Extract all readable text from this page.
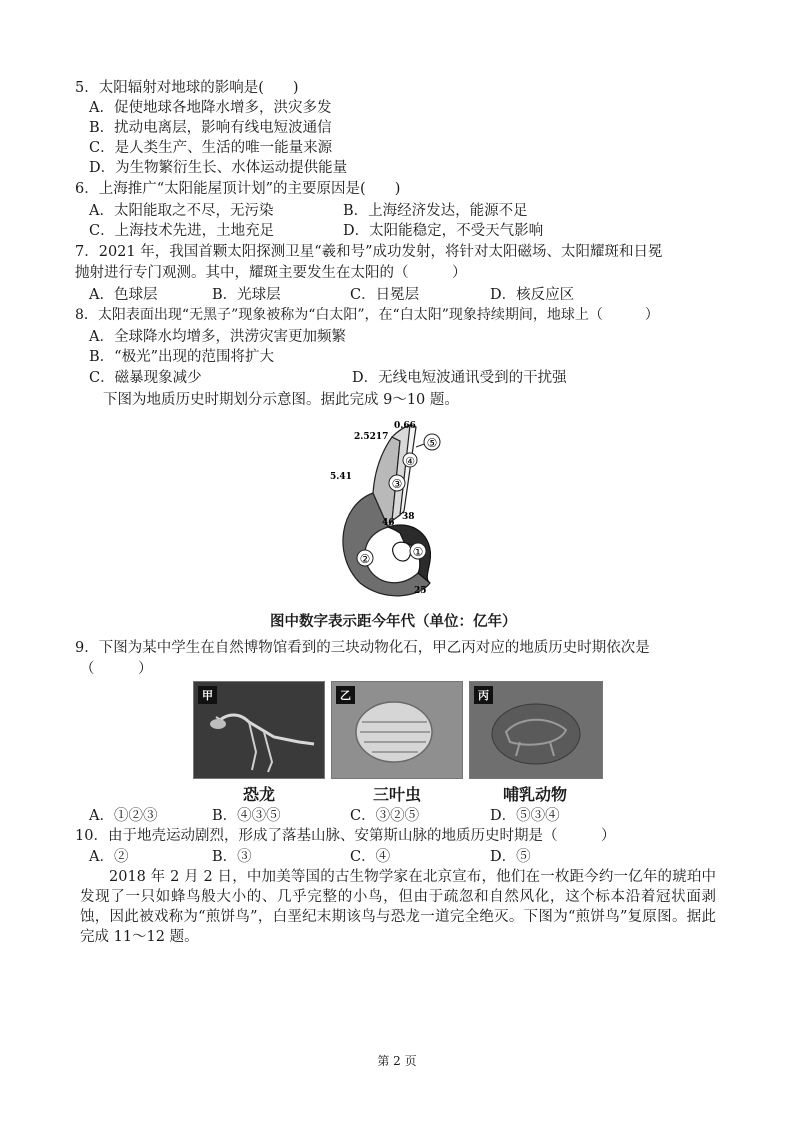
5．太阳辐射对地球的影响是(　　)
A．促使地球各地降水增多，洪灾多发
B．扰动电离层，影响有线电短波通信
C．是人类生产、生活的唯一能量来源
D．为生物繁衍生长、水体运动提供能量
6．上海推广“太阳能屋顶计划”的主要原因是(　　)
A．太阳能取之不尽，无污染	B．上海经济发达，能源不足
C．上海技术先进，土地充足	D．太阳能稳定，不受天气影响
7．2021 年，我国首颗太阳探测卫星“羲和号”成功发射，将针对太阳磁场、太阳耀斑和日冕
抛射进行专门观测。其中，耀斑主要发生在太阳的（　　　）
A．色球层	B．光球层	C．日冕层	D．核反应区
8．太阳表面出现“无黑子”现象被称为“白太阳”，在“白太阳”现象持续期间，地球上（　　　）
A．全球降水均增多，洪涝灾害更加频繁
B．“极光”出现的范围将扩大
C．磁暴现象减少	D．无线电短波通讯受到的干扰强
下图为地质历史时期划分示意图。据此完成 9～10 题。
③
④
⑤
②	①
0.66
2.5217
5.41
46
38
25
图中数字表示距今年代（单位：亿年）
9．下图为某中学生在自然博物馆看到的三块动物化石，甲乙丙对应的地质历史时期依次是
（　　　）
甲	乙	丙
恐龙	三叶虫	哺乳动物
A．①②③	B．④③⑤	C．③②⑤	D．⑤③④
10．由于地壳运动剧烈，形成了落基山脉、安第斯山脉的地质历史时期是（　　　）
A．②	B．③	C．④	D．⑤
2018 年 2 月 2 日，中加美等国的古生物学家在北京宣布，他们在一枚距今约一亿年的琥珀中发现了一只如蜂鸟般大小的、几乎完整的小鸟，但由于疏忽和自然风化，这个标本沿着冠状面剥蚀，因此被戏称为“煎饼鸟”，白垩纪末期该鸟与恐龙一道完全绝灭。下图为“煎饼鸟”复原图。据此完成 11～12 题。
第 2 页
